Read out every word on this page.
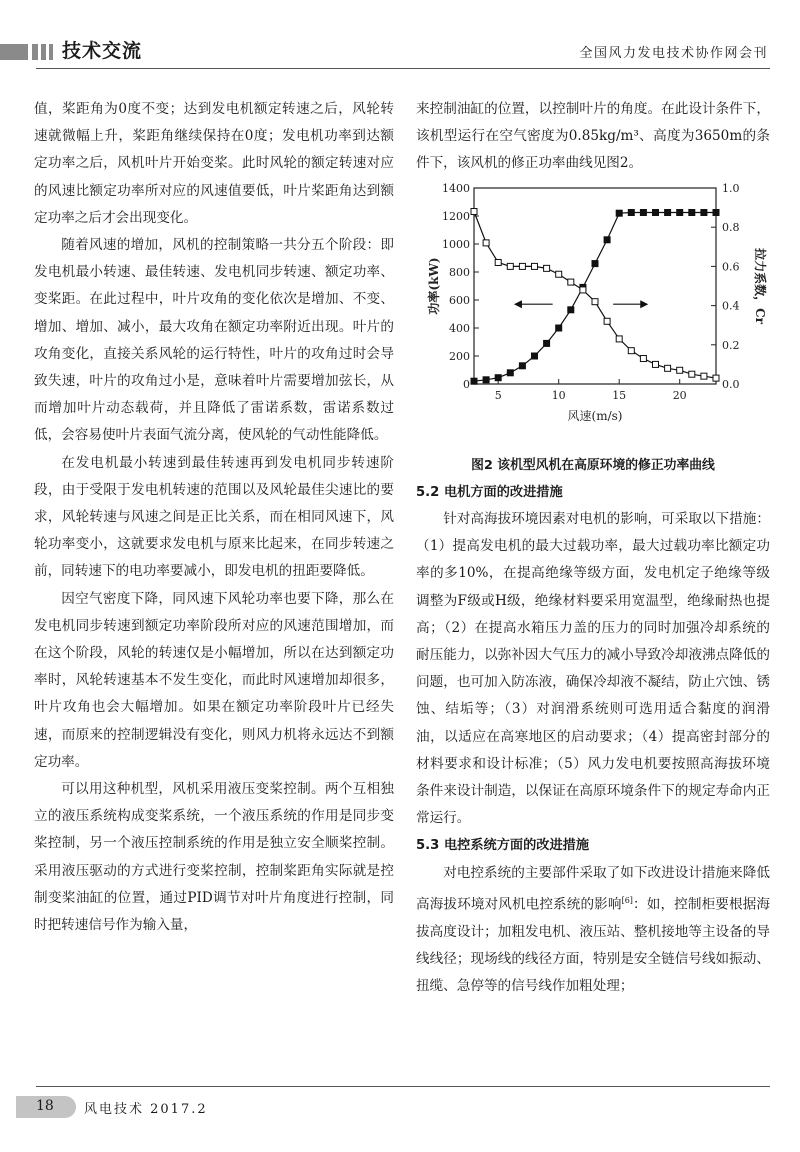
技术交流	全国风力发电技术协作网会刊

值，桨距角为0度不变；达到发电机额定转速之后，风轮转速就微幅上升，桨距角继续保持在0度；发电机功率到达额定功率之后，风机叶片开始变桨。此时风轮的额定转速对应的风速比额定功率所对应的风速值要低，叶片桨距角达到额定功率之后才会出现变化。

随着风速的增加，风机的控制策略一共分五个阶段：即发电机最小转速、最佳转速、发电机同步转速、额定功率、变桨距。在此过程中，叶片攻角的变化依次是增加、不变、增加、增加、减小，最大攻角在额定功率附近出现。叶片的攻角变化，直接关系风轮的运行特性，叶片的攻角过时会导致失速，叶片的攻角过小是，意味着叶片需要增加弦长，从而增加叶片动态载荷，并且降低了雷诺系数，雷诺系数过低，会容易使叶片表面气流分离，使风轮的气动性能降低。

在发电机最小转速到最佳转速再到发电机同步转速阶段，由于受限于发电机转速的范围以及风轮最佳尖速比的要求，风轮转速与风速之间是正比关系，而在相同风速下，风轮功率变小，这就要求发电机与原来比起来，在同步转速之前，同转速下的电功率要减小，即发电机的扭距要降低。

因空气密度下降，同风速下风轮功率也要下降，那么在发电机同步转速到额定功率阶段所对应的风速范围增加，而在这个阶段，风轮的转速仅是小幅增加，所以在达到额定功率时，风轮转速基本不发生变化，而此时风速增加却很多，叶片攻角也会大幅增加。如果在额定功率阶段叶片已经失速，而原来的控制逻辑没有变化，则风力机将永远达不到额定功率。

可以用这种机型，风机采用液压变桨控制。两个互相独立的液压系统构成变桨系统，一个液压系统的作用是同步变桨控制，另一个液压控制系统的作用是独立安全顺桨控制。采用液压驱动的方式进行变桨控制，控制桨距角实际就是控制变桨油缸的位置，通过PID调节对叶片角度进行控制，同时把转速信号作为输入量，

来控制油缸的位置，以控制叶片的角度。在此设计条件下，该机型运行在空气密度为0.85kg/m³、高度为3650m的条件下，该风机的修正功率曲线见图2。

0
200
400
600
800
1000
1200
1400
0.0
0.2
0.4
0.6
0.8
1.0
5	10	15	20
风速(m/s)
功率(kW)	拉力系数，Cr
图2 该机型风机在高原环境的修正功率曲线
5.2 电机方面的改进措施

针对高海拔环境因素对电机的影响，可采取以下措施：（1）提高发电机的最大过载功率，最大过载功率比额定功率的多10%，在提高绝缘等级方面，发电机定子绝缘等级调整为F级或H级，绝缘材料要采用宽温型，绝缘耐热也提高；（2）在提高水箱压力盖的压力的同时加强冷却系统的耐压能力，以弥补因大气压力的减小导致冷却液沸点降低的问题，也可加入防冻液，确保冷却液不凝结，防止穴蚀、锈蚀、结垢等；（3）对润滑系统则可选用适合黏度的润滑油，以适应在高寒地区的启动要求；（4）提高密封部分的材料要求和设计标准；（5）风力发电机要按照高海拔环境条件来设计制造，以保证在高原环境条件下的规定寿命内正常运行。

5.3 电控系统方面的改进措施

对电控系统的主要部件采取了如下改进设计措施来降低高海拔环境对风机电控系统的影响[6]：如，控制柜要根据海拔高度设计；加粗发电机、液压站、整机接地等主设备的导线线径；现场线的线径方面，特别是安全链信号线如振动、扭缆、急停等的信号线作加粗处理；

18 风电技术 2017.2
